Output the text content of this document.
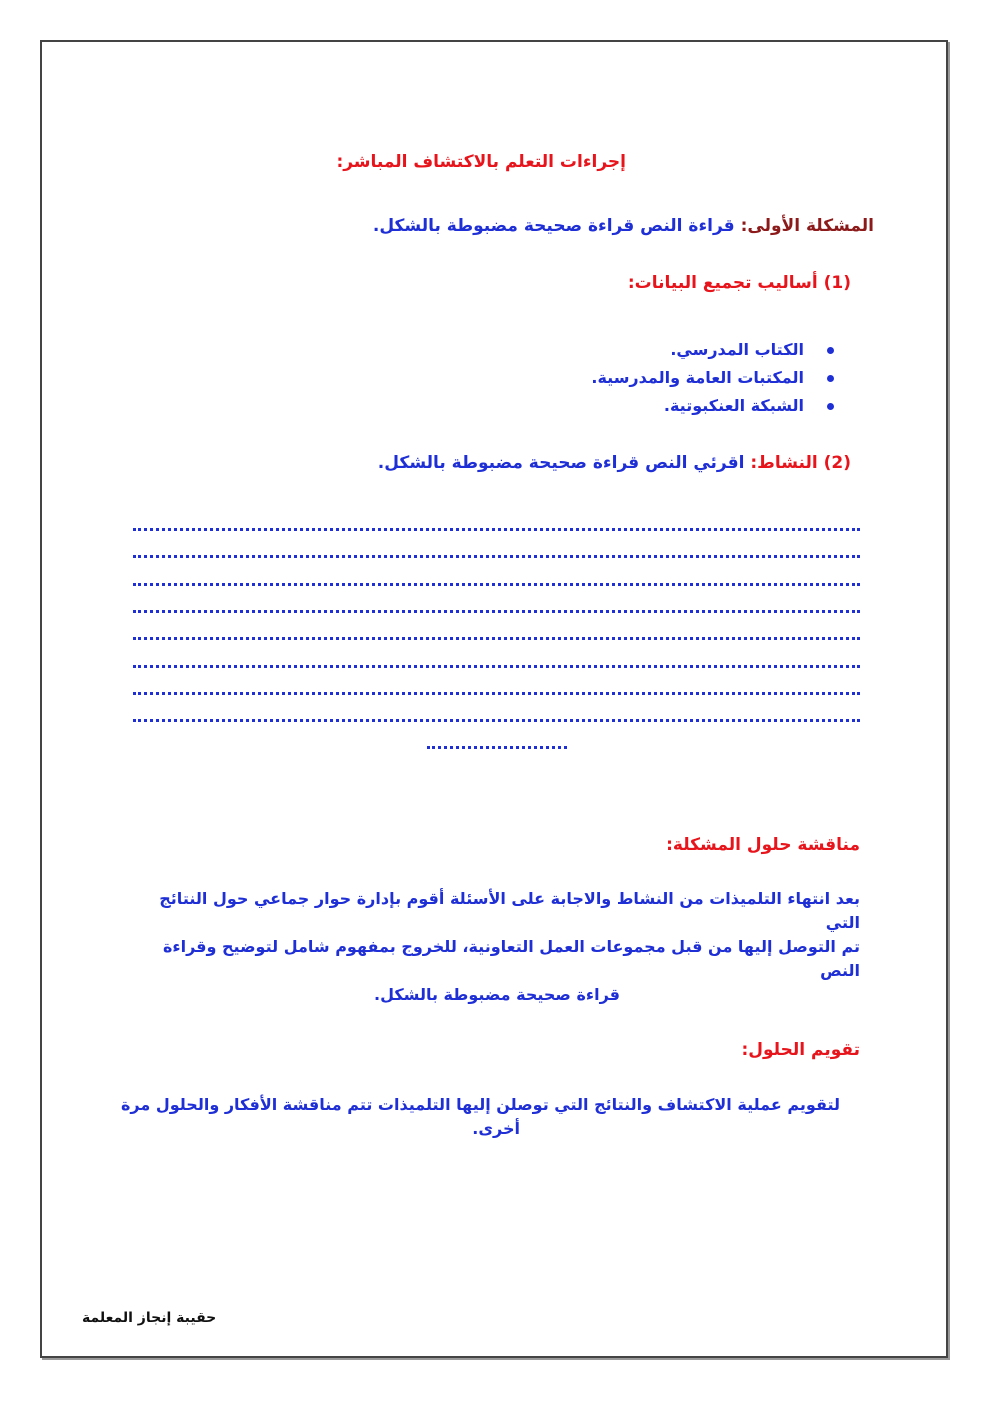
إجراءات التعلم بالاكتشاف المباشر:
المشكلة الأولى: قراءة النص قراءة صحيحة مضبوطة بالشكل.
(1) أساليب تجميع البيانات:
الكتاب المدرسي.
المكتبات العامة والمدرسية.
الشبكة العنكبوتية.
(2) النشاط: اقرئي النص قراءة صحيحة مضبوطة بالشكل.
مناقشة حلول المشكلة:
بعد انتهاء التلميذات من النشاط والاجابة على الأسئلة أقوم بإدارة حوار جماعي حول النتائج التي
تم التوصل إليها من قبل مجموعات العمل التعاونية، للخروج بمفهوم شامل لتوضيح وقراءة النص
قراءة صحيحة مضبوطة بالشكل.
تقويم الحلول:
لتقويم عملية الاكتشاف والنتائج التي توصلن إليها التلميذات تتم مناقشة الأفكار والحلول مرة
أخرى.
حقيبة إنجاز المعلمة
